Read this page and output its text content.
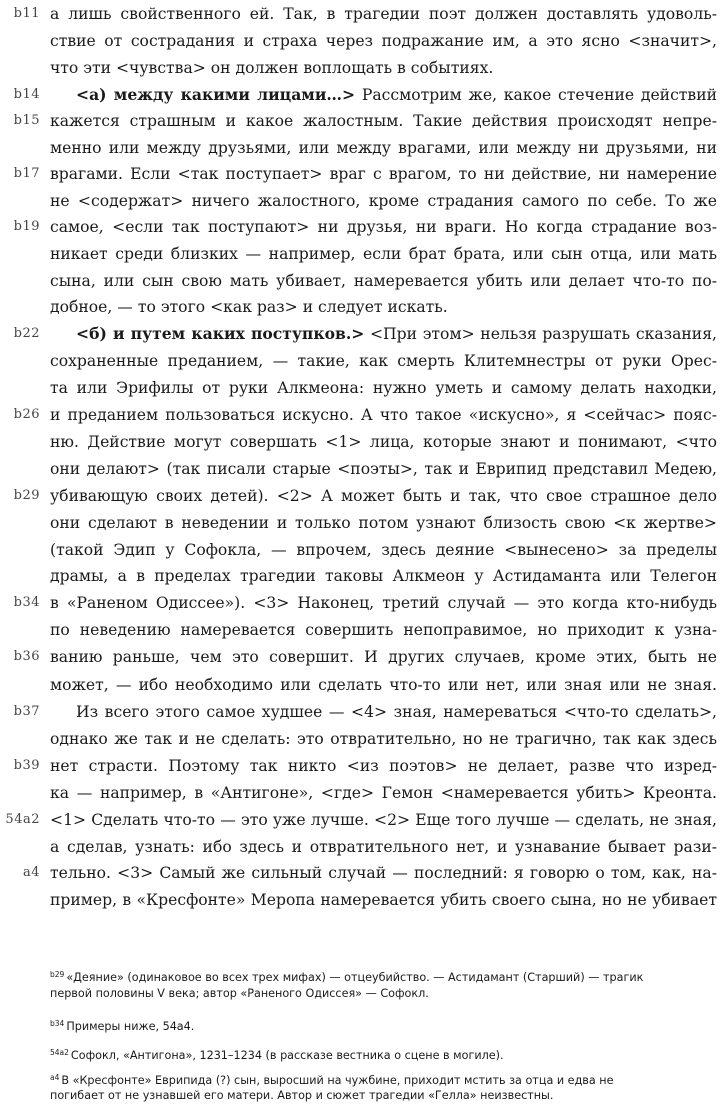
b11
b14
b15
b17
b19
b22
b26
b29
b34
b36
b37
b39
54a2
a4
а лишь свойственного ей. Так, в трагедии поэт должен доставлять удоволь-
ствие от сострадания и страха через подражание им, а это ясно <значит>,
что эти <чувства> он должен воплощать в событиях.
<а) между какими лицами…> Рассмотрим же, какое стечение действий
кажется страшным и какое жалостным. Такие действия происходят непре-
менно или между друзьями, или между врагами, или между ни друзьями, ни
врагами. Если <так поступает> враг с врагом, то ни действие, ни намерение
не <содержат> ничего жалостного, кроме страдания самого по себе. То же
самое, <если так поступают> ни друзья, ни враги. Но когда страдание воз-
никает среди близких — например, если брат брата, или сын отца, или мать
сына, или сын свою мать убивает, намеревается убить или делает что-то по-
добное, — то этого <как раз> и следует искать.
<б) и путем каких поступков.> <При этом> нельзя разрушать сказания,
сохраненные преданием, — такие, как смерть Клитемнестры от руки Орес-
та или Эрифилы от руки Алкмеона: нужно уметь и самому делать находки,
и преданием пользоваться искусно. А что такое «искусно», я <сейчас> пояс-
ню. Действие могут совершать <1> лица, которые знают и понимают, <что
они делают> (так писали старые <поэты>, так и Еврипид представил Медею,
убивающую своих детей). <2> А может быть и так, что свое страшное дело
они сделают в неведении и только потом узнают близость свою <к жертве>
(такой Эдип у Софокла, — впрочем, здесь деяние <вынесено> за пределы
драмы, а в пределах трагедии таковы Алкмеон у Астидаманта или Телегон
в «Раненом Одиссее»). <3> Наконец, третий случай — это когда кто-нибудь
по неведению намеревается совершить непоправимое, но приходит к узна-
ванию раньше, чем это совершит. И других случаев, кроме этих, быть не
может, — ибо необходимо или сделать что-то или нет, или зная или не зная.
Из всего этого самое худшее — <4> зная, намереваться <что-то сделать>,
однако же так и не сделать: это отвратительно, но не трагично, так как здесь
нет страсти. Поэтому так никто <из поэтов> не делает, разве что изред-
ка — например, в «Антигоне», <где> Гемон <намеревается убить> Креонта.
<1> Сделать что-то — это уже лучше. <2> Еще того лучше — сделать, не зная,
а сделав, узнать: ибо здесь и отвратительного нет, и узнавание бывает рази-
тельно. <3> Самый же сильный случай — последний: я говорю о том, как, на-
пример, в «Кресфонте» Меропа намеревается убить своего сына, но не убивает
$^{b29}$ «Деяние» (одинаковое во всех трех мифах) — отцеубийство. — Астидамант (Старший) — трагик
первой половины V века; автор «Раненого Одиссея» — Софокл.
$^{b34}$ Примеры ниже, 54а4.
$^{54a2}$ Софокл, «Антигона», 1231–1234 (в рассказе вестника о сцене в могиле).
$^{a4}$ В «Кресфонте» Еврипида (?) сын, выросший на чужбине, приходит мстить за отца и едва не
погибает от не узнавшей его матери. Автор и сюжет трагедии «Гелла» неизвестны.
